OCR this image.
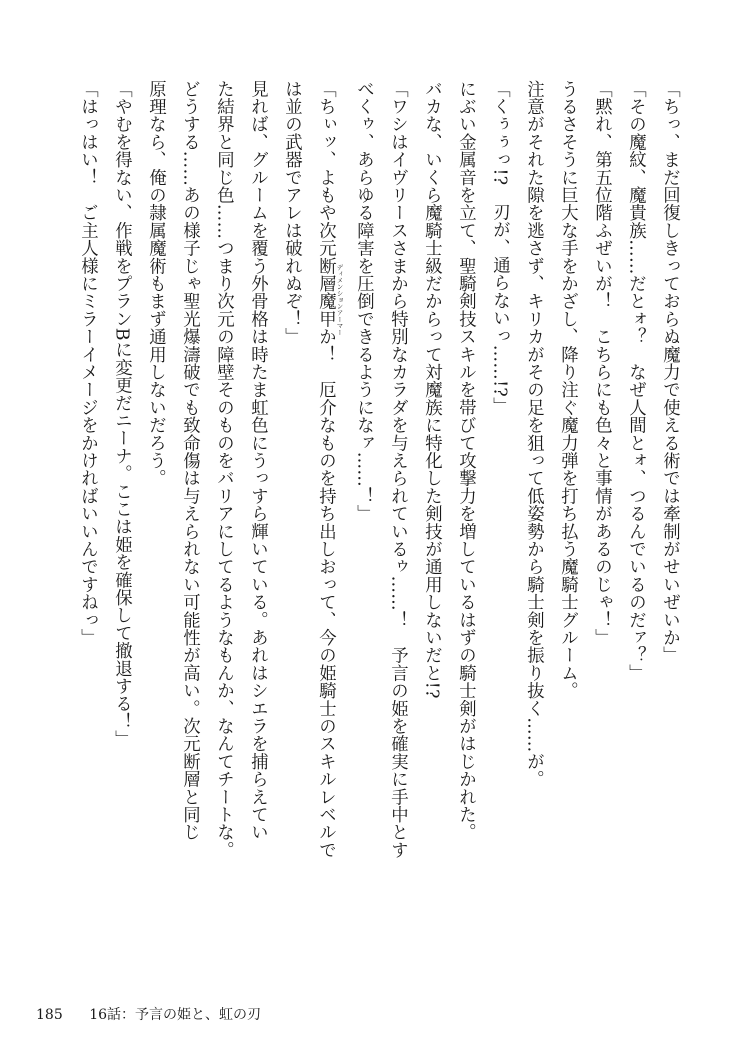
「ちっ、まだ回復しきっておらぬ魔力で使える術では牽制がせいぜいか」
「その魔紋、魔貴族……だとォ？　なぜ人間とォ、つるんでいるのだァ？」
「黙れ、第五位階ふぜいが！　こちらにも色々と事情があるのじゃ！」
うるさそうに巨大な手をかざし、降り注ぐ魔力弾を打ち払う魔騎士グルーム。
注意がそれた隙を逃さず、キリカがその足を狙って低姿勢から騎士剣を振り抜く……が。
「くぅぅっ!?　刃が、通らないっ……!?」
にぶい金属音を立て、聖騎剣技スキルを帯びて攻撃力を増しているはずの騎士剣がはじかれた。
バカな、いくら魔騎士級だからって対魔族に特化した剣技が通用しないだと!?
「ワシはイヴリースさまから特別なカラダを与えられているゥ……！　予言の姫を確実に手中とす
べくゥ、あらゆる障害を圧倒できるようになァ……！」
「ちぃッ、よもや次元断層魔甲か！　厄介なものを持ち出しおって、今の姫騎士のスキルレベルで ディメンションアーマー
は並の武器でアレは破れぬぞ！」
見れば、グルームを覆う外骨格は時たま虹色にうっすら輝いている。あれはシエラを捕らえてい
た結界と同じ色……つまり次元の障壁そのものをバリアにしてるようなもんか、なんてチートな。
どうする……あの様子じゃ聖光爆濤破でも致命傷は与えられない可能性が高い。次元断層と同じ
原理なら、俺の隷属魔術もまず通用しないだろう。
「やむを得ない、作戦をプランBに変更だニーナ。ここは姫を確保して撤退する！」
「はっはい！　ご主人様にミラーイメージをかければいいんですねっ」
185 16話：予言の姫と、虹の刃
